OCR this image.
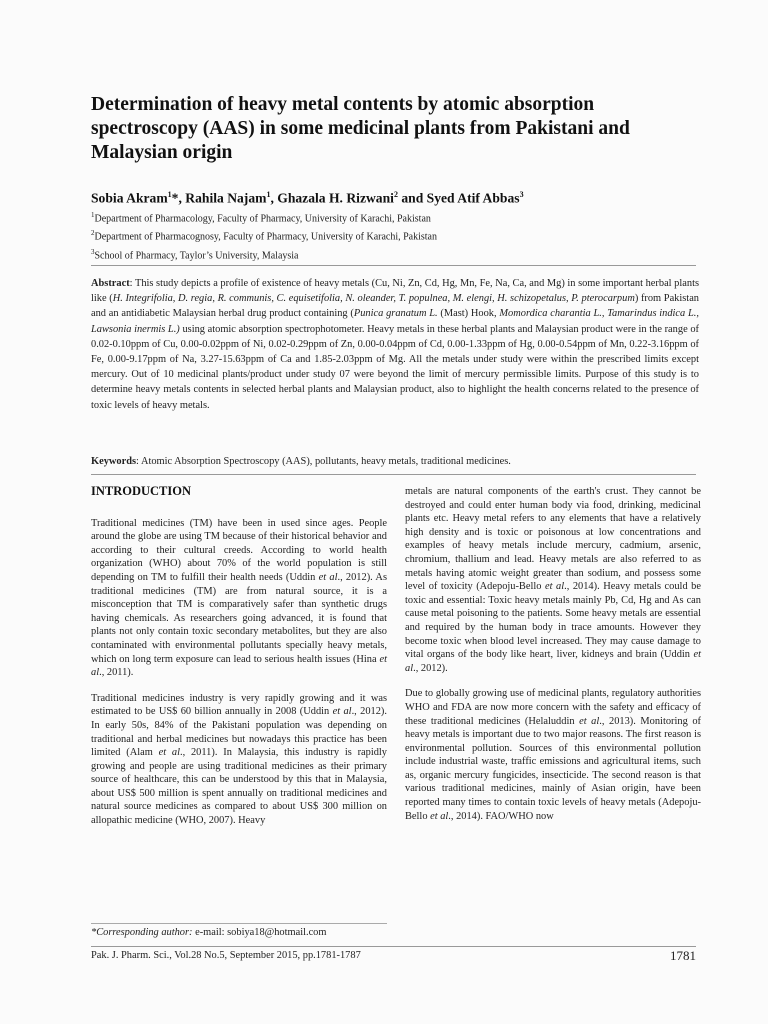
Determination of heavy metal contents by atomic absorption spectroscopy (AAS) in some medicinal plants from Pakistani and Malaysian origin
Sobia Akram$^1$*, Rahila Najam$^1$, Ghazala H. Rizwani$^2$ and Syed Atif Abbas$^3$
$^1$Department of Pharmacology, Faculty of Pharmacy, University of Karachi, Pakistan
$^2$Department of Pharmacognosy, Faculty of Pharmacy, University of Karachi, Pakistan
$^3$School of Pharmacy, Taylor’s University, Malaysia
Abstract: This study depicts a profile of existence of heavy metals (Cu, Ni, Zn, Cd, Hg, Mn, Fe, Na, Ca, and Mg) in some important herbal plants like (H. Integrifolia, D. regia, R. communis, C. equisetifolia, N. oleander, T. populnea, M. elengi, H. schizopetalus, P. pterocarpum) from Pakistan and an antidiabetic Malaysian herbal drug product containing (Punica granatum L. (Mast) Hook, Momordica charantia L., Tamarindus indica L., Lawsonia inermis L.) using atomic absorption spectrophotometer. Heavy metals in these herbal plants and Malaysian product were in the range of 0.02-0.10ppm of Cu, 0.00-0.02ppm of Ni, 0.02-0.29ppm of Zn, 0.00-0.04ppm of Cd, 0.00-1.33ppm of Hg, 0.00-0.54ppm of Mn, 0.22-3.16ppm of Fe, 0.00-9.17ppm of Na, 3.27-15.63ppm of Ca and 1.85-2.03ppm of Mg. All the metals under study were within the prescribed limits except mercury. Out of 10 medicinal plants/product under study 07 were beyond the limit of mercury permissible limits. Purpose of this study is to determine heavy metals contents in selected herbal plants and Malaysian product, also to highlight the health concerns related to the presence of toxic levels of heavy metals.
Keywords: Atomic Absorption Spectroscopy (AAS), pollutants, heavy metals, traditional medicines.
INTRODUCTION

Traditional medicines (TM) have been in used since ages. People around the globe are using TM because of their historical behavior and according to their cultural creeds. According to world health organization (WHO) about 70% of the world population is still depending on TM to fulfill their health needs (Uddin et al., 2012). As traditional medicines (TM) are from natural source, it is a misconception that TM is comparatively safer than synthetic drugs having chemicals. As researchers going advanced, it is found that plants not only contain toxic secondary metabolites, but they are also contaminated with environmental pollutants specially heavy metals, which on long term exposure can lead to serious health issues (Hina et al., 2011).

Traditional medicines industry is very rapidly growing and it was estimated to be US$ 60 billion annually in 2008 (Uddin et al., 2012). In early 50s, 84% of the Pakistani population was depending on traditional and herbal medicines but nowadays this practice has been limited (Alam et al., 2011). In Malaysia, this industry is rapidly growing and people are using traditional medicines as their primary source of healthcare, this can be understood by this that in Malaysia, about US$ 500 million is spent annually on traditional medicines and natural source medicines as compared to about US$ 300 million on allopathic medicine (WHO, 2007). Heavy

metals are natural components of the earth's crust. They cannot be destroyed and could enter human body via food, drinking, medicinal plants etc. Heavy metal refers to any elements that have a relatively high density and is toxic or poisonous at low concentrations and examples of heavy metals include mercury, cadmium, arsenic, chromium, thallium and lead. Heavy metals are also referred to as metals having atomic weight greater than sodium, and possess some level of toxicity (Adepoju-Bello et al., 2014). Heavy metals could be toxic and essential: Toxic heavy metals mainly Pb, Cd, Hg and As can cause metal poisoning to the patients. Some heavy metals are essential and required by the human body in trace amounts. However they become toxic when blood level increased. They may cause damage to vital organs of the body like heart, liver, kidneys and brain (Uddin et al., 2012).

Due to globally growing use of medicinal plants, regulatory authorities WHO and FDA are now more concern with the safety and efficacy of these traditional medicines (Helaluddin et al., 2013). Monitoring of heavy metals is important due to two major reasons. The first reason is environmental pollution. Sources of this environmental pollution include industrial waste, traffic emissions and agricultural items, such as, organic mercury fungicides, insecticide. The second reason is that various traditional medicines, mainly of Asian origin, have been reported many times to contain toxic levels of heavy metals (Adepoju-Bello et al., 2014). FAO/WHO now

*Corresponding author: e-mail: sobiya18@hotmail.com
Pak. J. Pharm. Sci., Vol.28 No.5, September 2015, pp.1781-1787	1781
